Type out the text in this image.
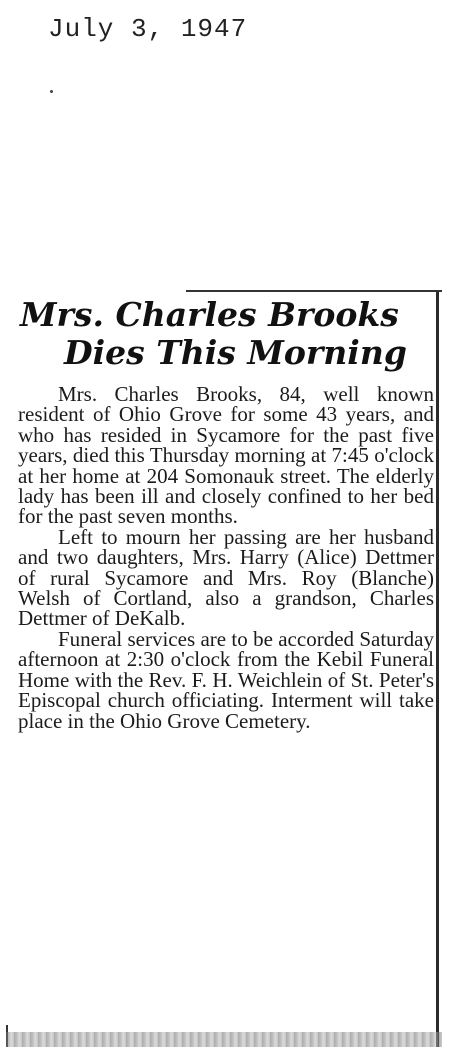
July 3, 1947
Mrs. Charles Brooks
Dies This Morning

Mrs. Charles Brooks, 84, well known resident of Ohio Grove for some 43 years, and who has resided in Sycamore for the past five years, died this Thursday morning at 7:45 o'clock at her home at 204 Somonauk street. The elderly lady has been ill and closely confined to her bed for the past seven months.

Left to mourn her passing are her husband and two daughters, Mrs. Harry (Alice) Dettmer of rural Sycamore and Mrs. Roy (Blanche) Welsh of Cortland, also a grandson, Charles Dettmer of DeKalb.

Funeral services are to be accorded Saturday afternoon at 2:30 o'clock from the Kebil Funeral Home with the Rev. F. H. Weichlein of St. Peter's Episcopal church officiating. Interment will take place in the Ohio Grove Cemetery.
